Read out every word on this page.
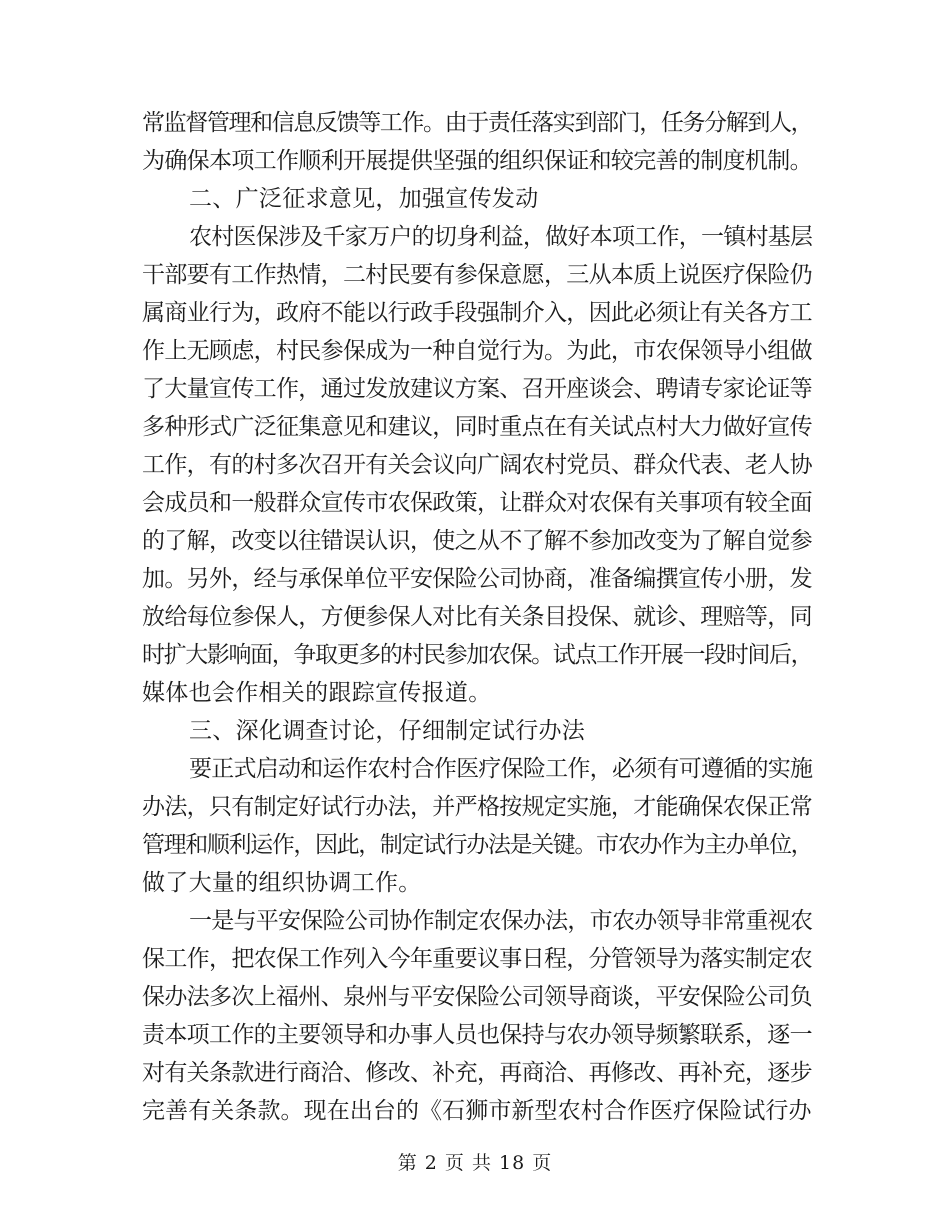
常监督管理和信息反馈等工作。由于责任落实到部门，任务分解到人，
为确保本项工作顺利开展提供坚强的组织保证和较完善的制度机制。
二、广泛征求意见，加强宣传发动
农村医保涉及千家万户的切身利益，做好本项工作，一镇村基层
干部要有工作热情，二村民要有参保意愿，三从本质上说医疗保险仍
属商业行为，政府不能以行政手段强制介入，因此必须让有关各方工
作上无顾虑，村民参保成为一种自觉行为。为此，市农保领导小组做
了大量宣传工作，通过发放建议方案、召开座谈会、聘请专家论证等
多种形式广泛征集意见和建议，同时重点在有关试点村大力做好宣传
工作，有的村多次召开有关会议向广阔农村党员、群众代表、老人协
会成员和一般群众宣传市农保政策，让群众对农保有关事项有较全面
的了解，改变以往错误认识，使之从不了解不参加改变为了解自觉参
加。另外，经与承保单位平安保险公司协商，准备编撰宣传小册，发
放给每位参保人，方便参保人对比有关条目投保、就诊、理赔等，同
时扩大影响面，争取更多的村民参加农保。试点工作开展一段时间后，
媒体也会作相关的跟踪宣传报道。
三、深化调查讨论，仔细制定试行办法
要正式启动和运作农村合作医疗保险工作，必须有可遵循的实施
办法，只有制定好试行办法，并严格按规定实施，才能确保农保正常
管理和顺利运作，因此，制定试行办法是关键。市农办作为主办单位，
做了大量的组织协调工作。
一是与平安保险公司协作制定农保办法，市农办领导非常重视农
保工作，把农保工作列入今年重要议事日程，分管领导为落实制定农
保办法多次上福州、泉州与平安保险公司领导商谈，平安保险公司负
责本项工作的主要领导和办事人员也保持与农办领导频繁联系，逐一
对有关条款进行商洽、修改、补充，再商洽、再修改、再补充，逐步
完善有关条款。现在出台的《石狮市新型农村合作医疗保险试行办
第 2 页 共 18 页
